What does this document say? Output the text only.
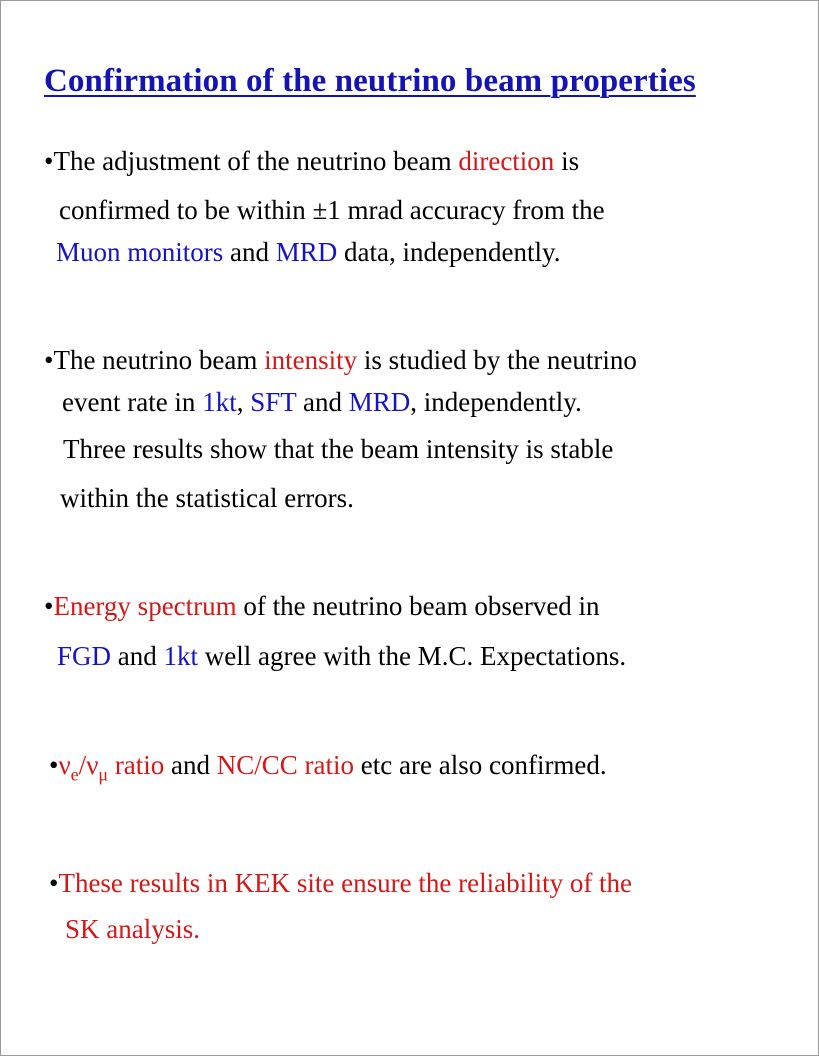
Confirmation of the neutrino beam properties
•The adjustment of the neutrino beam direction is
confirmed to be within ±1 mrad accuracy from the
Muon monitors and MRD data, independently.
•The neutrino beam intensity is studied by the neutrino
event rate in 1kt, SFT and MRD, independently.
Three results show that the beam intensity is stable
within the statistical errors.
•Energy spectrum of the neutrino beam observed in
FGD and 1kt well agree with the M.C. Expectations.
$•\nu_e/\nu_\mu$ ratio and NC/CC ratio etc are also confirmed.
•These results in KEK site ensure the reliability of the
SK analysis.
